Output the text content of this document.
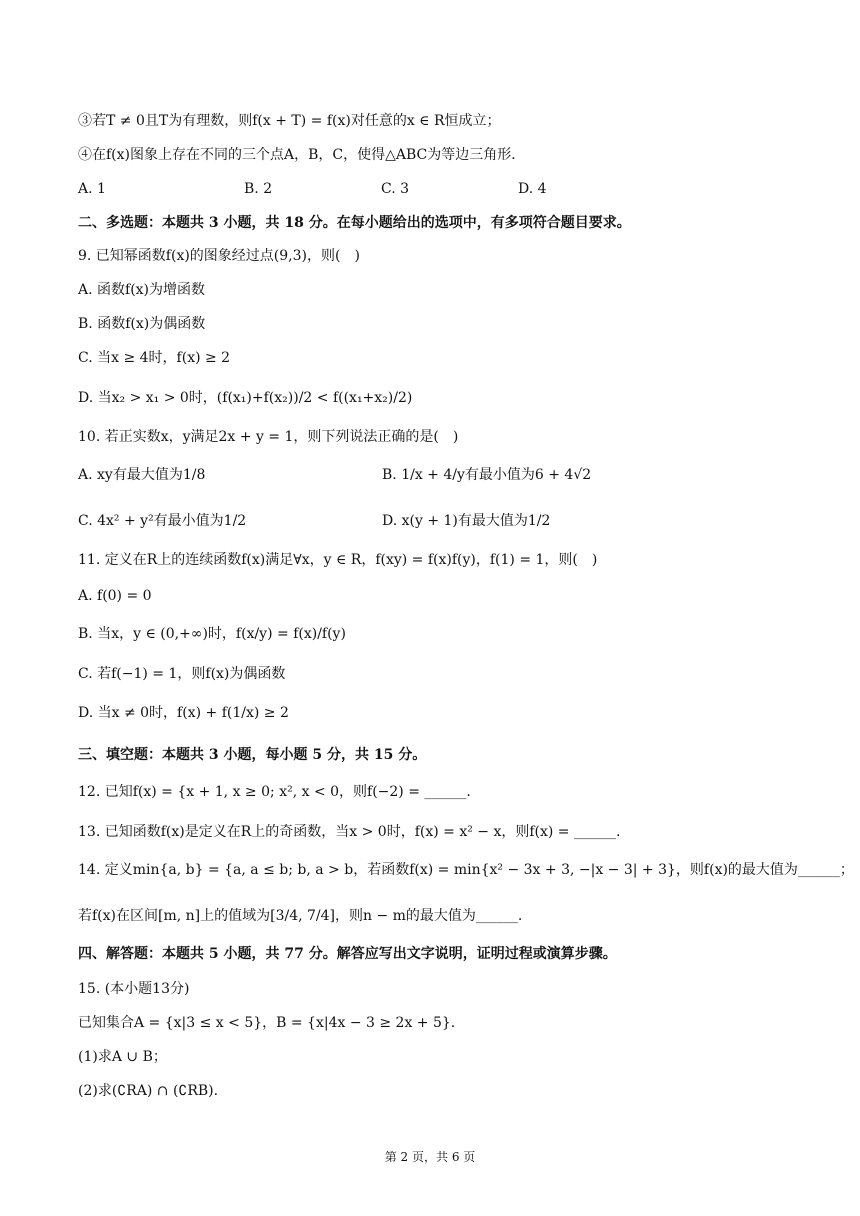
③若T ≠ 0且T为有理数，则f(x + T) = f(x)对任意的x ∈ R恒成立；
④在f(x)图象上存在不同的三个点A，B，C，使得△ABC为等边三角形．
A. 1	B. 2	C. 3	D. 4
二、多选题：本题共 3 小题，共 18 分。在每小题给出的选项中，有多项符合题目要求。
9. 已知幂函数f(x)的图象经过点(9,3)，则(　)
A. 函数f(x)为增函数
B. 函数f(x)为偶函数
C. 当x ≥ 4时，f(x) ≥ 2
D. 当x₂ > x₁ > 0时，(f(x₁)+f(x₂))/2 < f((x₁+x₂)/2)
10. 若正实数x，y满足2x + y = 1，则下列说法正确的是(　)
A. xy有最大值为1/8	B. 1/x + 4/y有最小值为6 + 4√2
C. 4x² + y²有最小值为1/2	D. x(y + 1)有最大值为1/2
11. 定义在R上的连续函数f(x)满足∀x，y ∈ R，f(xy) = f(x)f(y)，f(1) = 1，则(　)
A. f(0) = 0
B. 当x，y ∈ (0,+∞)时，f(x/y) = f(x)/f(y)
C. 若f(−1) = 1，则f(x)为偶函数
D. 当x ≠ 0时，f(x) + f(1/x) ≥ 2
三、填空题：本题共 3 小题，每小题 5 分，共 15 分。
12. 已知f(x) = {x + 1, x ≥ 0; x², x < 0，则f(−2) = ______.
13. 已知函数f(x)是定义在R上的奇函数，当x > 0时，f(x) = x² − x，则f(x) = ______.
14. 定义min{a, b} = {a, a ≤ b; b, a > b，若函数f(x) = min{x² − 3x + 3, −|x − 3| + 3}，则f(x)的最大值为______；
若f(x)在区间[m, n]上的值域为[3/4, 7/4]，则n − m的最大值为______.
四、解答题：本题共 5 小题，共 77 分。解答应写出文字说明，证明过程或演算步骤。
15. (本小题13分)
已知集合A = {x|3 ≤ x < 5}，B = {x|4x − 3 ≥ 2x + 5}.
(1)求A ∪ B；
(2)求(∁RA) ∩ (∁RB).
第 2 页，共 6 页
